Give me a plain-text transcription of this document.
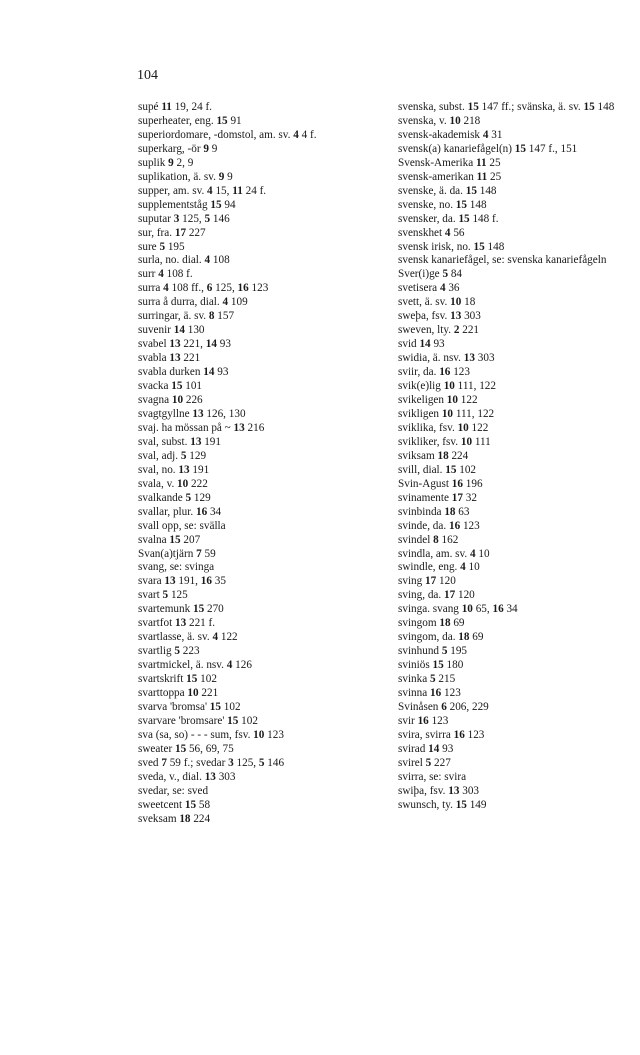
104
supé 11 19, 24 f.
superheater, eng. 15 91
superiordomare, -domstol, am. sv. 4 4 f.
superkarg, -ör 9 9
suplik 9 2, 9
suplikation, ä. sv. 9 9
supper, am. sv. 4 15, 11 24 f.
supplementståg 15 94
suputar 3 125, 5 146
sur, fra. 17 227
sure 5 195
surla, no. dial. 4 108
surr 4 108 f.
surra 4 108 ff., 6 125, 16 123
surra å durra, dial. 4 109
surringar, ä. sv. 8 157
suvenir 14 130
svabel 13 221, 14 93
svabla 13 221
svabla durken 14 93
svacka 15 101
svagna 10 226
svagtgyllne 13 126, 130
svaj. ha mössan på ~ 13 216
sval, subst. 13 191
sval, adj. 5 129
sval, no. 13 191
svala, v. 10 222
svalkande 5 129
svallar, plur. 16 34
svall opp, se: svälla
svalna 15 207
Svan(a)tjärn 7 59
svang, se: svinga
svara 13 191, 16 35
svart 5 125
svartemunk 15 270
svartfot 13 221 f.
svartlasse, ä. sv. 4 122
svartlig 5 223
svartmickel, ä. nsv. 4 126
svartskrift 15 102
svarttoppa 10 221
svarva 'bromsa' 15 102
svarvare 'bromsare' 15 102
sva (sa, so) - - - sum, fsv. 10 123
sweater 15 56, 69, 75
sved 7 59 f.; svedar 3 125, 5 146
sveda, v., dial. 13 303
svedar, se: sved
sweetcent 15 58
sveksam 18 224
svenska, subst. 15 147 ff.; svänska, ä. sv. 15 148
svenska, v. 10 218
svensk-akademisk 4 31
svensk(a) kanariefågel(n) 15 147 f., 151
Svensk-Amerika 11 25
svensk-amerikan 11 25
svenske, ä. da. 15 148
svenske, no. 15 148
svensker, da. 15 148 f.
svenskhet 4 56
svensk irisk, no. 15 148
svensk kanariefågel, se: svenska kanariefågeln
Sver(i)ge 5 84
svetisera 4 36
svett, ä. sv. 10 18
sweþa, fsv. 13 303
sweven, lty. 2 221
svid 14 93
swidia, ä. nsv. 13 303
sviir, da. 16 123
svik(e)lig 10 111, 122
svikeligen 10 122
svikligen 10 111, 122
sviklika, fsv. 10 122
svikliker, fsv. 10 111
sviksam 18 224
svill, dial. 15 102
Svin-Agust 16 196
svinamente 17 32
svinbinda 18 63
svinde, da. 16 123
svindel 8 162
svindla, am. sv. 4 10
swindle, eng. 4 10
sving 17 120
sving, da. 17 120
svinga. svang 10 65, 16 34
svingom 18 69
svingom, da. 18 69
svinhund 5 195
sviniös 15 180
svinka 5 215
svinna 16 123
Svinåsen 6 206, 229
svir 16 123
svira, svirra 16 123
svirad 14 93
svirel 5 227
svirra, se: svira
swiþa, fsv. 13 303
swunsch, ty. 15 149
